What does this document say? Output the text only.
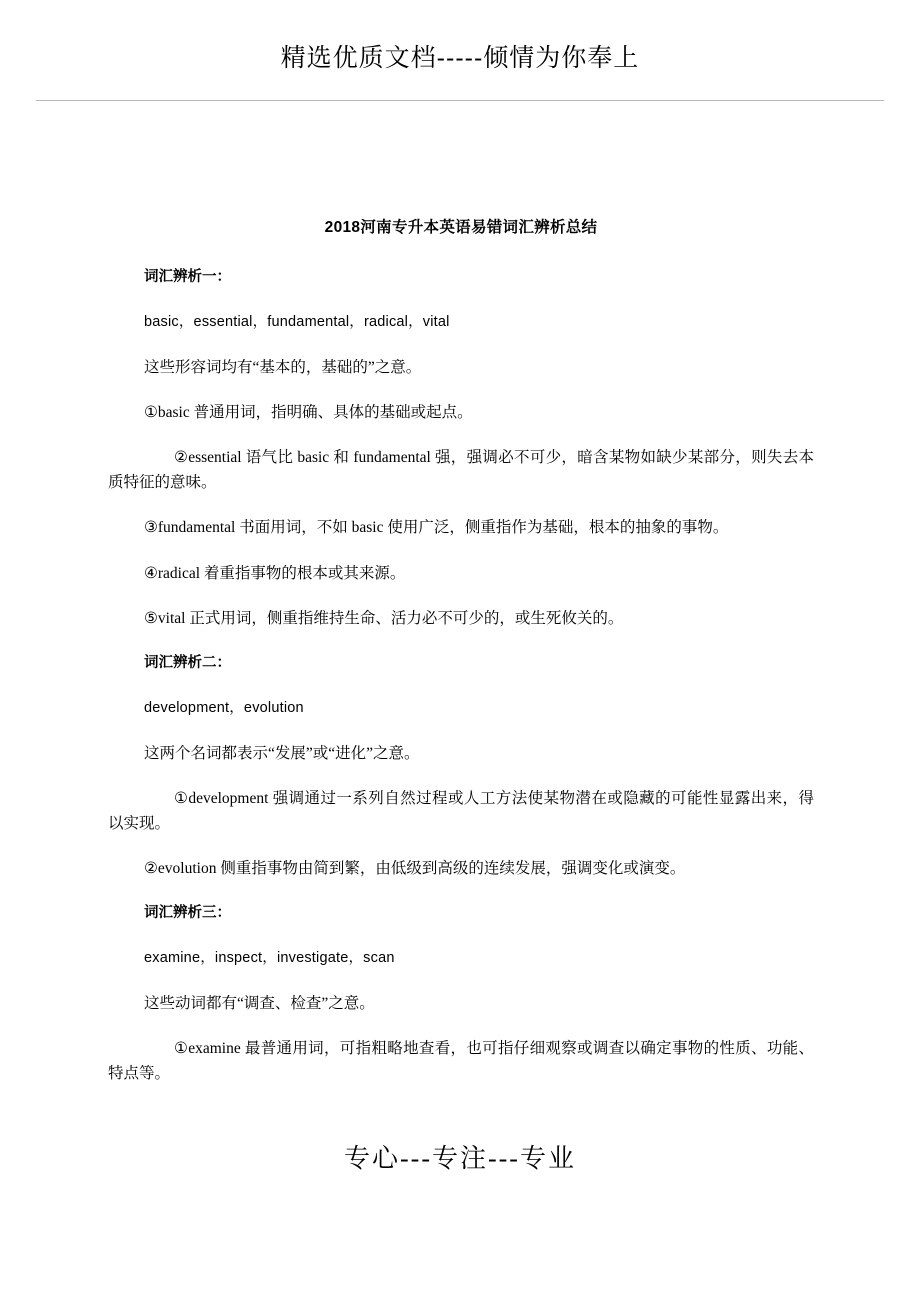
精选优质文档-----倾情为你奉上
2018河南专升本英语易错词汇辨析总结
词汇辨析一：
basic，essential，fundamental，radical，vital
这些形容词均有“基本的，基础的”之意。
①basic 普通用词，指明确、具体的基础或起点。
②essential 语气比 basic 和 fundamental 强，强调必不可少，暗含某物如缺少某部分，则失去本质特征的意味。
③fundamental 书面用词，不如 basic 使用广泛，侧重指作为基础，根本的抽象的事物。
④radical 着重指事物的根本或其来源。
⑤vital 正式用词，侧重指维持生命、活力必不可少的，或生死攸关的。
词汇辨析二：
development，evolution
这两个名词都表示“发展”或“进化”之意。
①development 强调通过一系列自然过程或人工方法使某物潜在或隐藏的可能性显露出来，得以实现。
②evolution 侧重指事物由简到繁，由低级到高级的连续发展，强调变化或演变。
词汇辨析三：
examine，inspect，investigate，scan
这些动词都有“调查、检查”之意。
①examine 最普通用词，可指粗略地查看，也可指仔细观察或调查以确定事物的性质、功能、特点等。
专心---专注---专业
